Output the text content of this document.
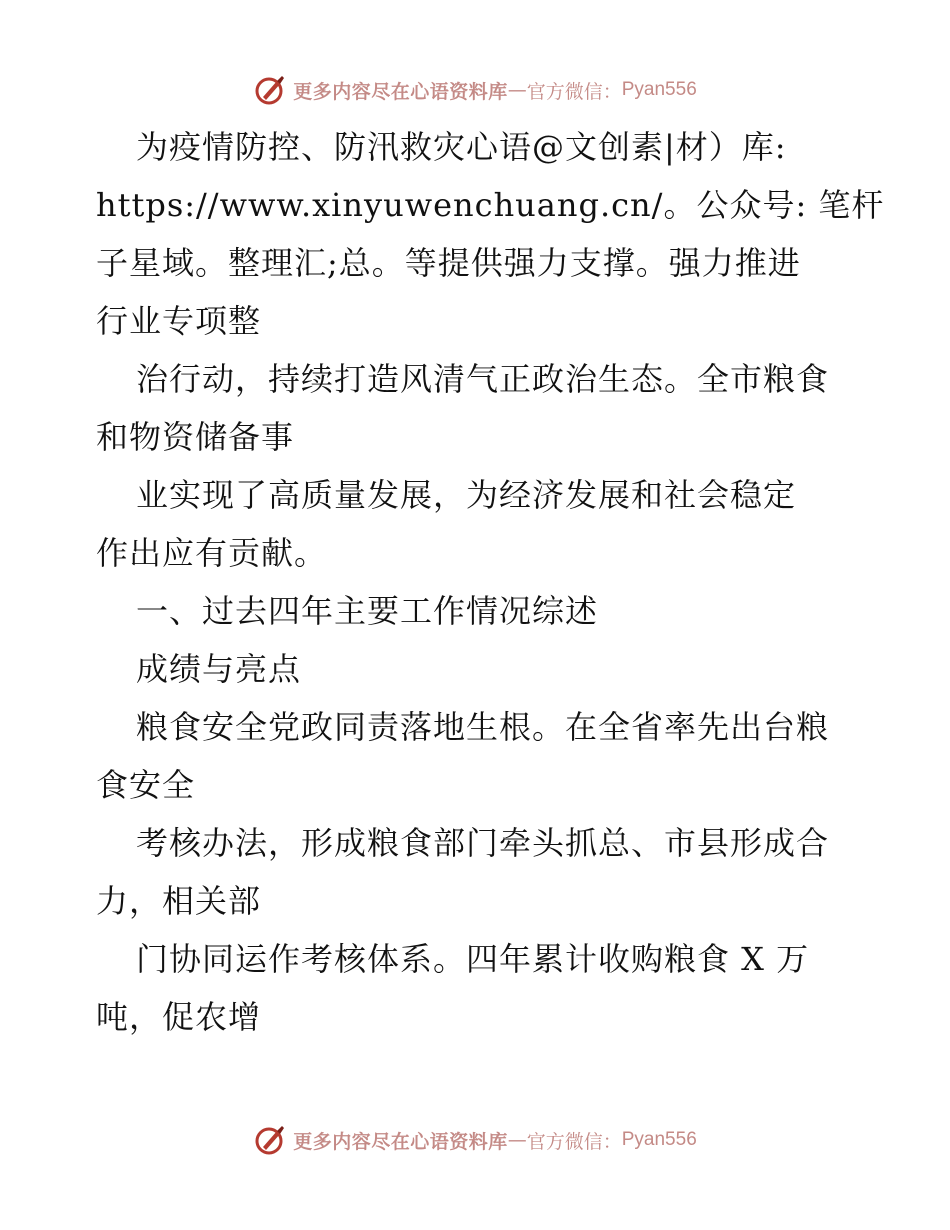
更多内容尽在心语资料库 — 官方微信： Pyan556
为疫情防控、防汛救灾心语@文创素|材）库:
https://www.xinyuwenchuang.cn/。公众号: 笔杆
子星域。整理汇;总。等提供强力支撑。强力推进
行业专项整
治行动，持续打造风清气正政治生态。全市粮食
和物资储备事
业实现了高质量发展，为经济发展和社会稳定
作出应有贡献。
一、过去四年主要工作情况综述
成绩与亮点
粮食安全党政同责落地生根。在全省率先出台粮
食安全
考核办法，形成粮食部门牵头抓总、市县形成合
力，相关部
门协同运作考核体系。四年累计收购粮食 X 万
吨，促农增
更多内容尽在心语资料库 — 官方微信： Pyan556
